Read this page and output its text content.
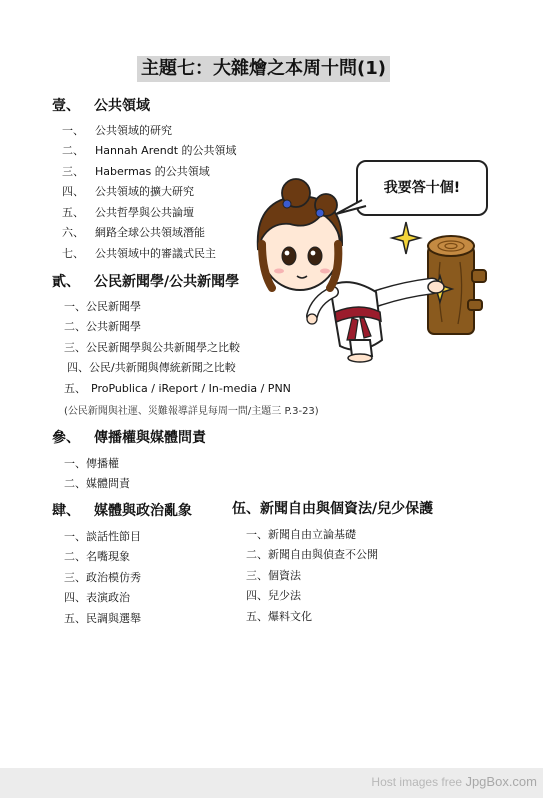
主題七：大雜燴之本周十問(1)
壹、 公共領域
一、 公共領域的研究
二、 Hannah Arendt 的公共領域
三、 Habermas 的公共領域
四、 公共領域的擴大研究
五、 公共哲學與公共論壇
六、 網路全球公共領域潛能
七、 公共領域中的審議式民主
貳、 公民新聞學/公共新聞學
一、公民新聞學
二、公共新聞學
三、公民新聞學與公共新聞學之比較
四、公民/共新聞與傳統新聞之比較
五、 ProPublica / iReport / In-media / PNN
(公民新聞與社運、災難報導詳見每周一問/主題三 P.3-23)
參、 傳播權與媒體問責
一、傳播權
二、媒體問責
肆、 媒體與政治亂象
一、談話性節目
二、名嘴現象
三、政治模仿秀
四、表演政治
五、民調與選舉
伍、新聞自由與個資法/兒少保護
一、新聞自由立論基礎
二、新聞自由與偵查不公開
三、個資法
四、兒少法
五、爆料文化
我要答十個!
Host images free JpgBox.com
